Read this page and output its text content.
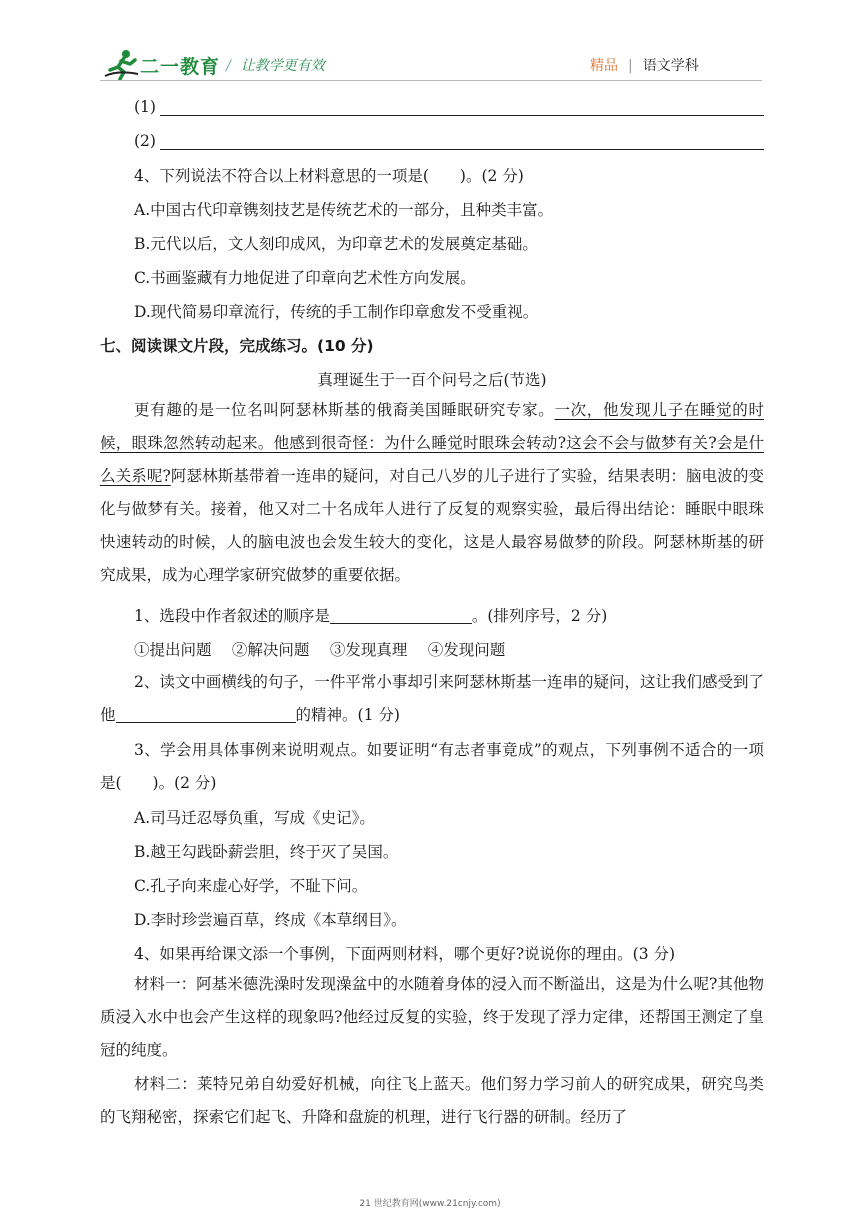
二一教育 / 让教学更有效	精品 | 语文学科
(1)
(2)
4、下列说法不符合以上材料意思的一项是(　　)。(2 分)
A.中国古代印章镌刻技艺是传统艺术的一部分，且种类丰富。
B.元代以后，文人刻印成风，为印章艺术的发展奠定基础。
C.书画鉴藏有力地促进了印章向艺术性方向发展。
D.现代简易印章流行，传统的手工制作印章愈发不受重视。
七、阅读课文片段，完成练习。(10 分)
真理诞生于一百个问号之后(节选)
更有趣的是一位名叫阿瑟林斯基的俄裔美国睡眠研究专家。一次，他发现儿子在睡觉的时候，眼珠忽然转动起来。他感到很奇怪：为什么睡觉时眼珠会转动?这会不会与做梦有关?会是什么关系呢?阿瑟林斯基带着一连串的疑问，对自己八岁的儿子进行了实验，结果表明：脑电波的变化与做梦有关。接着，他又对二十名成年人进行了反复的观察实验，最后得出结论：睡眠中眼珠快速转动的时候，人的脑电波也会发生较大的变化，这是人最容易做梦的阶段。阿瑟林斯基的研究成果，成为心理学家研究做梦的重要依据。
1、选段中作者叙述的顺序是	。(排列序号，2 分)
①提出问题　 ②解决问题　 ③发现真理　 ④发现问题
2、读文中画横线的句子，一件平常小事却引来阿瑟林斯基一连串的疑问，这让我们感受到了他	的精神。(1 分)
3、学会用具体事例来说明观点。如要证明“有志者事竟成”的观点，下列事例不适合的一项是(　　)。(2 分)
A.司马迁忍辱负重，写成《史记》。
B.越王勾践卧薪尝胆，终于灭了吴国。
C.孔子向来虚心好学，不耻下问。
D.李时珍尝遍百草，终成《本草纲目》。
4、如果再给课文添一个事例，下面两则材料，哪个更好?说说你的理由。(3 分)
材料一：阿基米德洗澡时发现澡盆中的水随着身体的浸入而不断溢出，这是为什么呢?其他物质浸入水中也会产生这样的现象吗?他经过反复的实验，终于发现了浮力定律，还帮国王测定了皇冠的纯度。
材料二：莱特兄弟自幼爱好机械，向往飞上蓝天。他们努力学习前人的研究成果，研究鸟类的飞翔秘密，探索它们起飞、升降和盘旋的机理，进行飞行器的研制。经历了
21 世纪教育网(www.21cnjy.com)
